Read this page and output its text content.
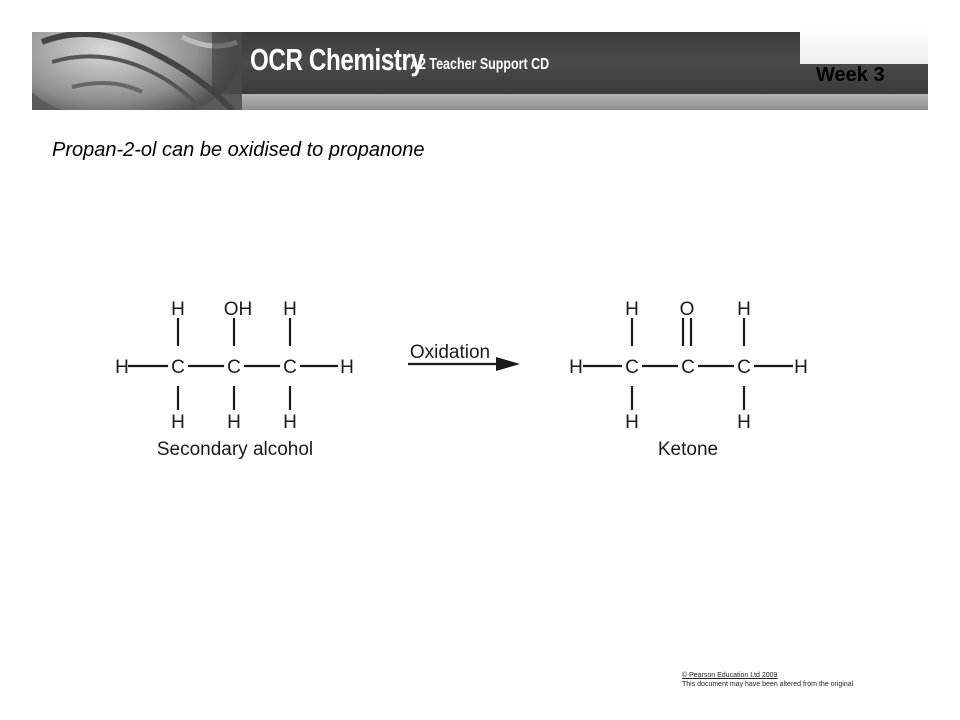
OCR Chemistry
A2 Teacher Support CD	Week 3
Propan-2-ol can be oxidised to propanone
H OH H
H C C C H
H H H
Secondary alcohol
Oxidation
H O H
H C C C H
H	H
Ketone
© Pearson Education Ltd 2009
This document may have been altered from the original
